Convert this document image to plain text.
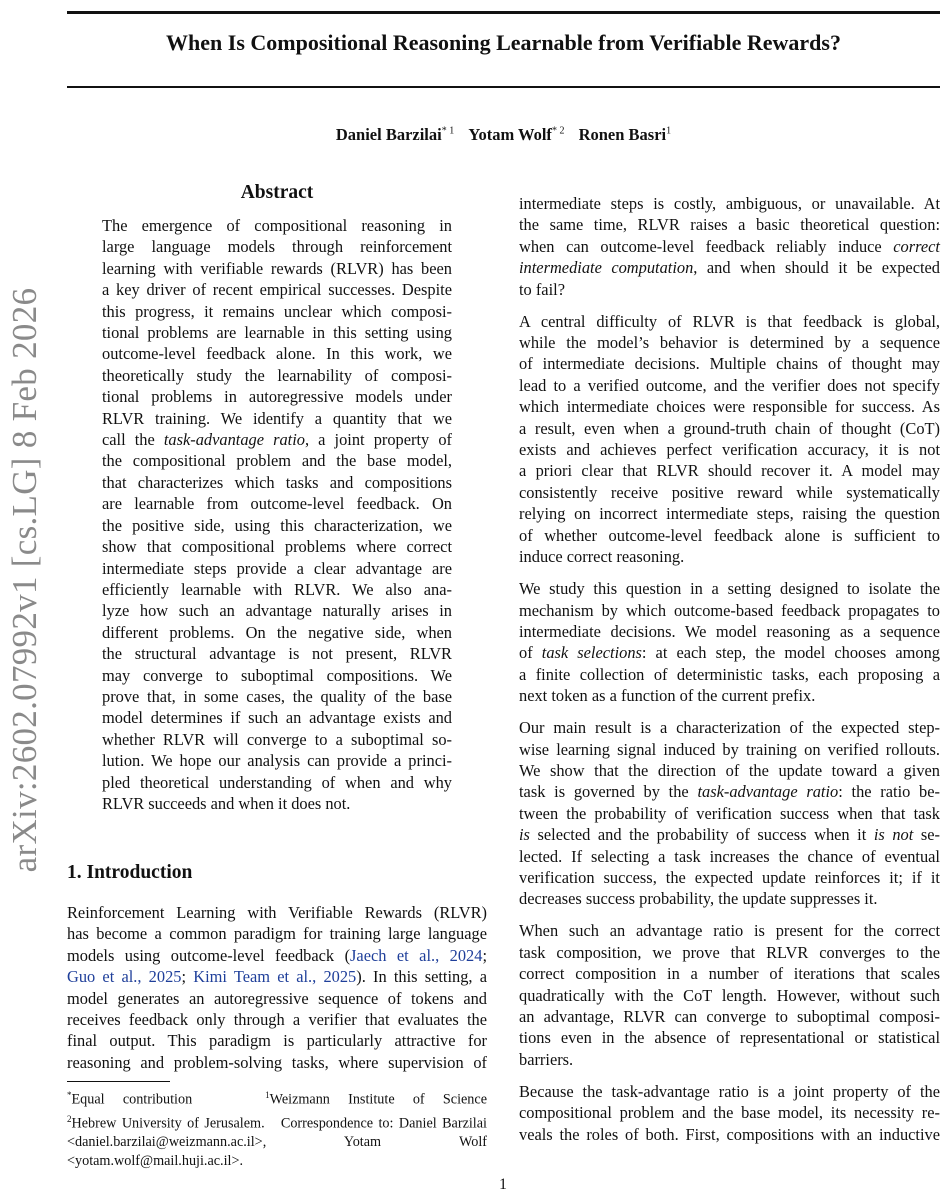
arXiv:2602.07992v1 [cs.LG] 8 Feb 2026
When Is Compositional Reasoning Learnable from Verifiable Rewards?
Daniel Barzilai$^{* 1}$ Yotam Wolf$^{* 2}$ Ronen Basri$^1$
Abstract
The emergence of compositional reasoning in
large language models through reinforcement
learning with verifiable rewards (RLVR) has been
a key driver of recent empirical successes. Despite
this progress, it remains unclear which composi-
tional problems are learnable in this setting using
outcome-level feedback alone. In this work, we
theoretically study the learnability of composi-
tional problems in autoregressive models under
RLVR training. We identify a quantity that we
call the task-advantage ratio, a joint property of
the compositional problem and the base model,
that characterizes which tasks and compositions
are learnable from outcome-level feedback. On
the positive side, using this characterization, we
show that compositional problems where correct
intermediate steps provide a clear advantage are
efficiently learnable with RLVR. We also ana-
lyze how such an advantage naturally arises in
different problems. On the negative side, when
the structural advantage is not present, RLVR
may converge to suboptimal compositions. We
prove that, in some cases, the quality of the base
model determines if such an advantage exists and
whether RLVR will converge to a suboptimal so-
lution. We hope our analysis can provide a princi-
pled theoretical understanding of when and why
RLVR succeeds and when it does not.
1. Introduction
Reinforcement Learning with Verifiable Rewards (RLVR)
has become a common paradigm for training large language
models using outcome-level feedback (Jaech et al., 2024;
Guo et al., 2025; Kimi Team et al., 2025). In this setting, a
model generates an autoregressive sequence of tokens and
receives feedback only through a verifier that evaluates the
final output. This paradigm is particularly attractive for
reasoning and problem-solving tasks, where supervision of
*Equal contribution	$^1$Weizmann Institute of Science
$^2$Hebrew University of Jerusalem. Correspondence to: Daniel Barzilai <daniel.barzilai@weizmann.ac.il>, Yotam Wolf <yotam.wolf@mail.huji.ac.il>.
intermediate steps is costly, ambiguous, or unavailable. At
the same time, RLVR raises a basic theoretical question:
when can outcome-level feedback reliably induce correct
intermediate computation, and when should it be expected
to fail?
A central difficulty of RLVR is that feedback is global,
while the model’s behavior is determined by a sequence
of intermediate decisions. Multiple chains of thought may
lead to a verified outcome, and the verifier does not specify
which intermediate choices were responsible for success. As
a result, even when a ground-truth chain of thought (CoT)
exists and achieves perfect verification accuracy, it is not
a priori clear that RLVR should recover it. A model may
consistently receive positive reward while systematically
relying on incorrect intermediate steps, raising the question
of whether outcome-level feedback alone is sufficient to
induce correct reasoning.
We study this question in a setting designed to isolate the
mechanism by which outcome-based feedback propagates to
intermediate decisions. We model reasoning as a sequence
of task selections: at each step, the model chooses among
a finite collection of deterministic tasks, each proposing a
next token as a function of the current prefix.
Our main result is a characterization of the expected step-
wise learning signal induced by training on verified rollouts.
We show that the direction of the update toward a given
task is governed by the task-advantage ratio: the ratio be-
tween the probability of verification success when that task
is selected and the probability of success when it is not se-
lected. If selecting a task increases the chance of eventual
verification success, the expected update reinforces it; if it
decreases success probability, the update suppresses it.
When such an advantage ratio is present for the correct
task composition, we prove that RLVR converges to the
correct composition in a number of iterations that scales
quadratically with the CoT length. However, without such
an advantage, RLVR can converge to suboptimal composi-
tions even in the absence of representational or statistical
barriers.
Because the task-advantage ratio is a joint property of the
compositional problem and the base model, its necessity re-
veals the roles of both. First, compositions with an inductive
1
